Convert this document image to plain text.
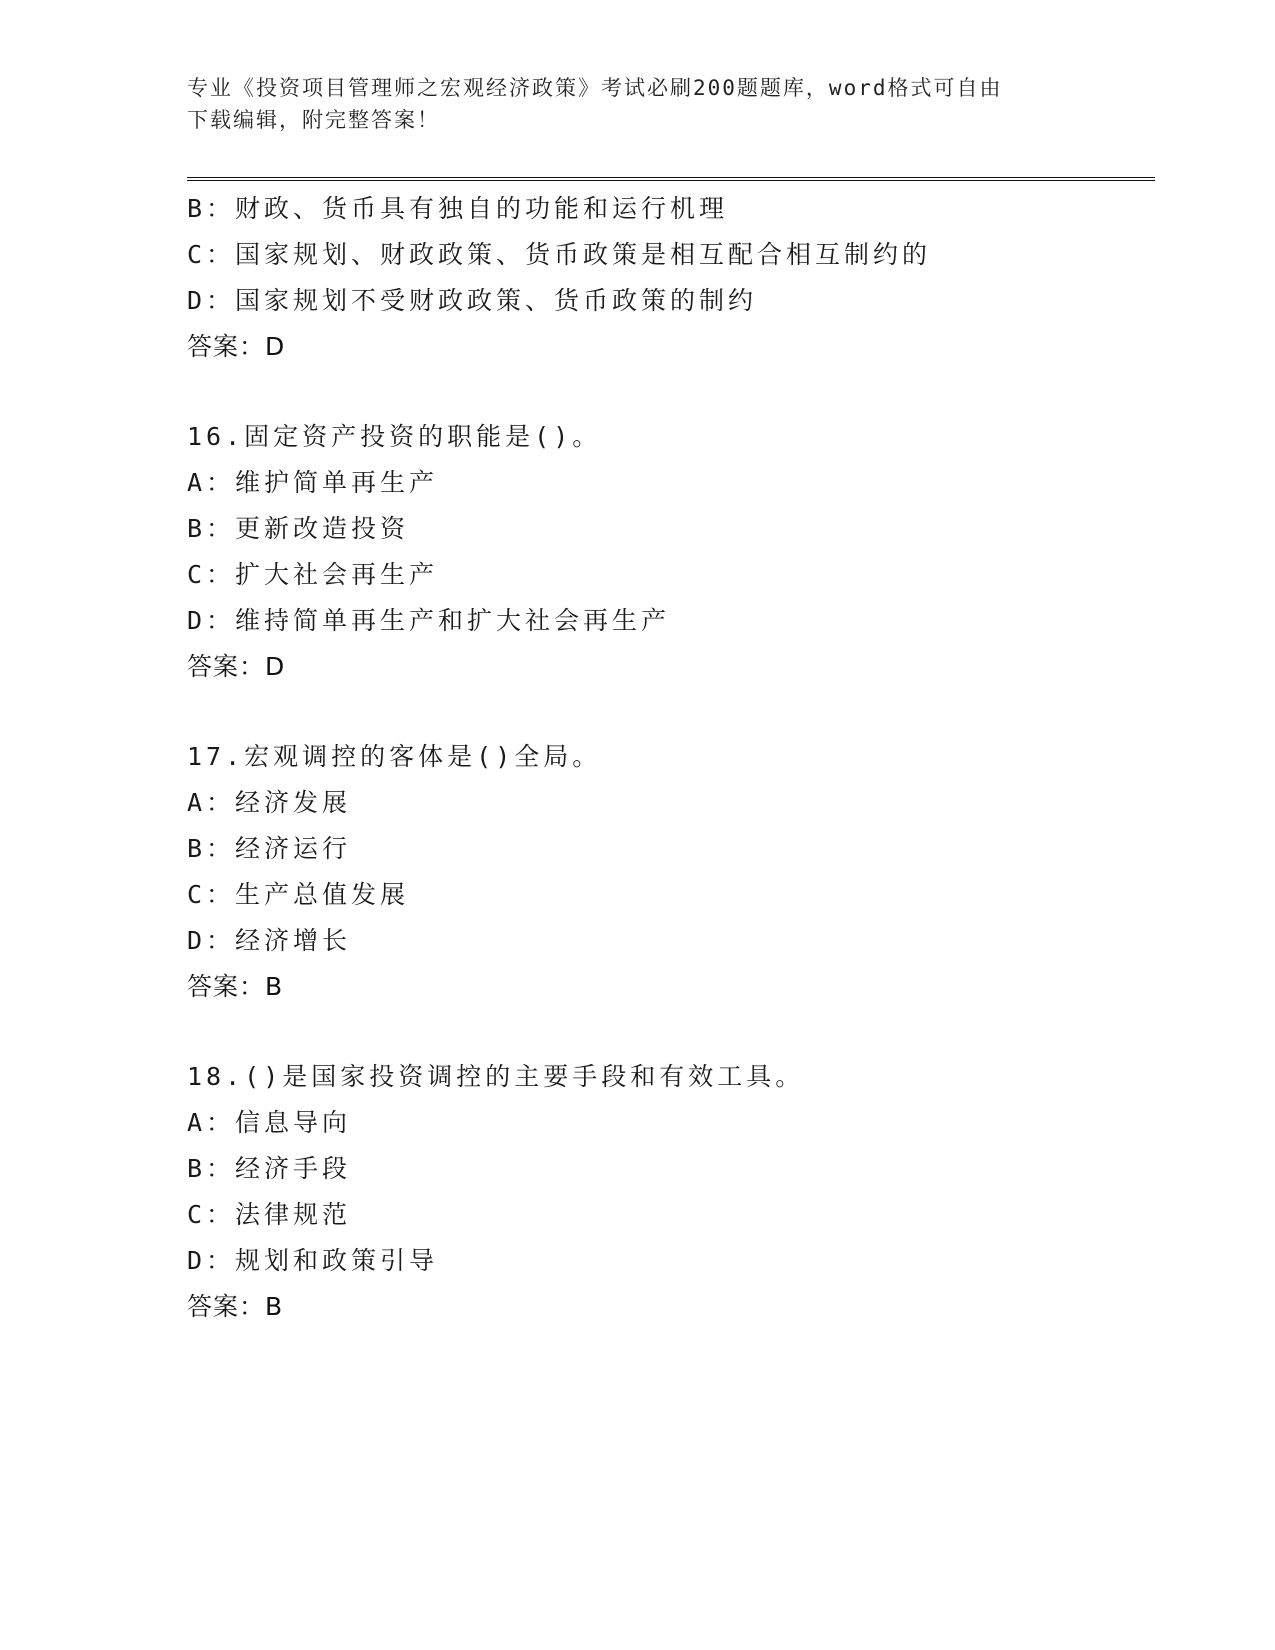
专业《投资项目管理师之宏观经济政策》考试必刷200题题库，word格式可自由
下载编辑，附完整答案！
B：财政、货币具有独自的功能和运行机理
C：国家规划、财政政策、货币政策是相互配合相互制约的
D：国家规划不受财政政策、货币政策的制约
答案：D
16.固定资产投资的职能是()。
A：维护简单再生产
B：更新改造投资
C：扩大社会再生产
D：维持简单再生产和扩大社会再生产
答案：D
17.宏观调控的客体是()全局。
A：经济发展
B：经济运行
C：生产总值发展
D：经济增长
答案：B
18.()是国家投资调控的主要手段和有效工具。
A：信息导向
B：经济手段
C：法律规范
D：规划和政策引导
答案：B
